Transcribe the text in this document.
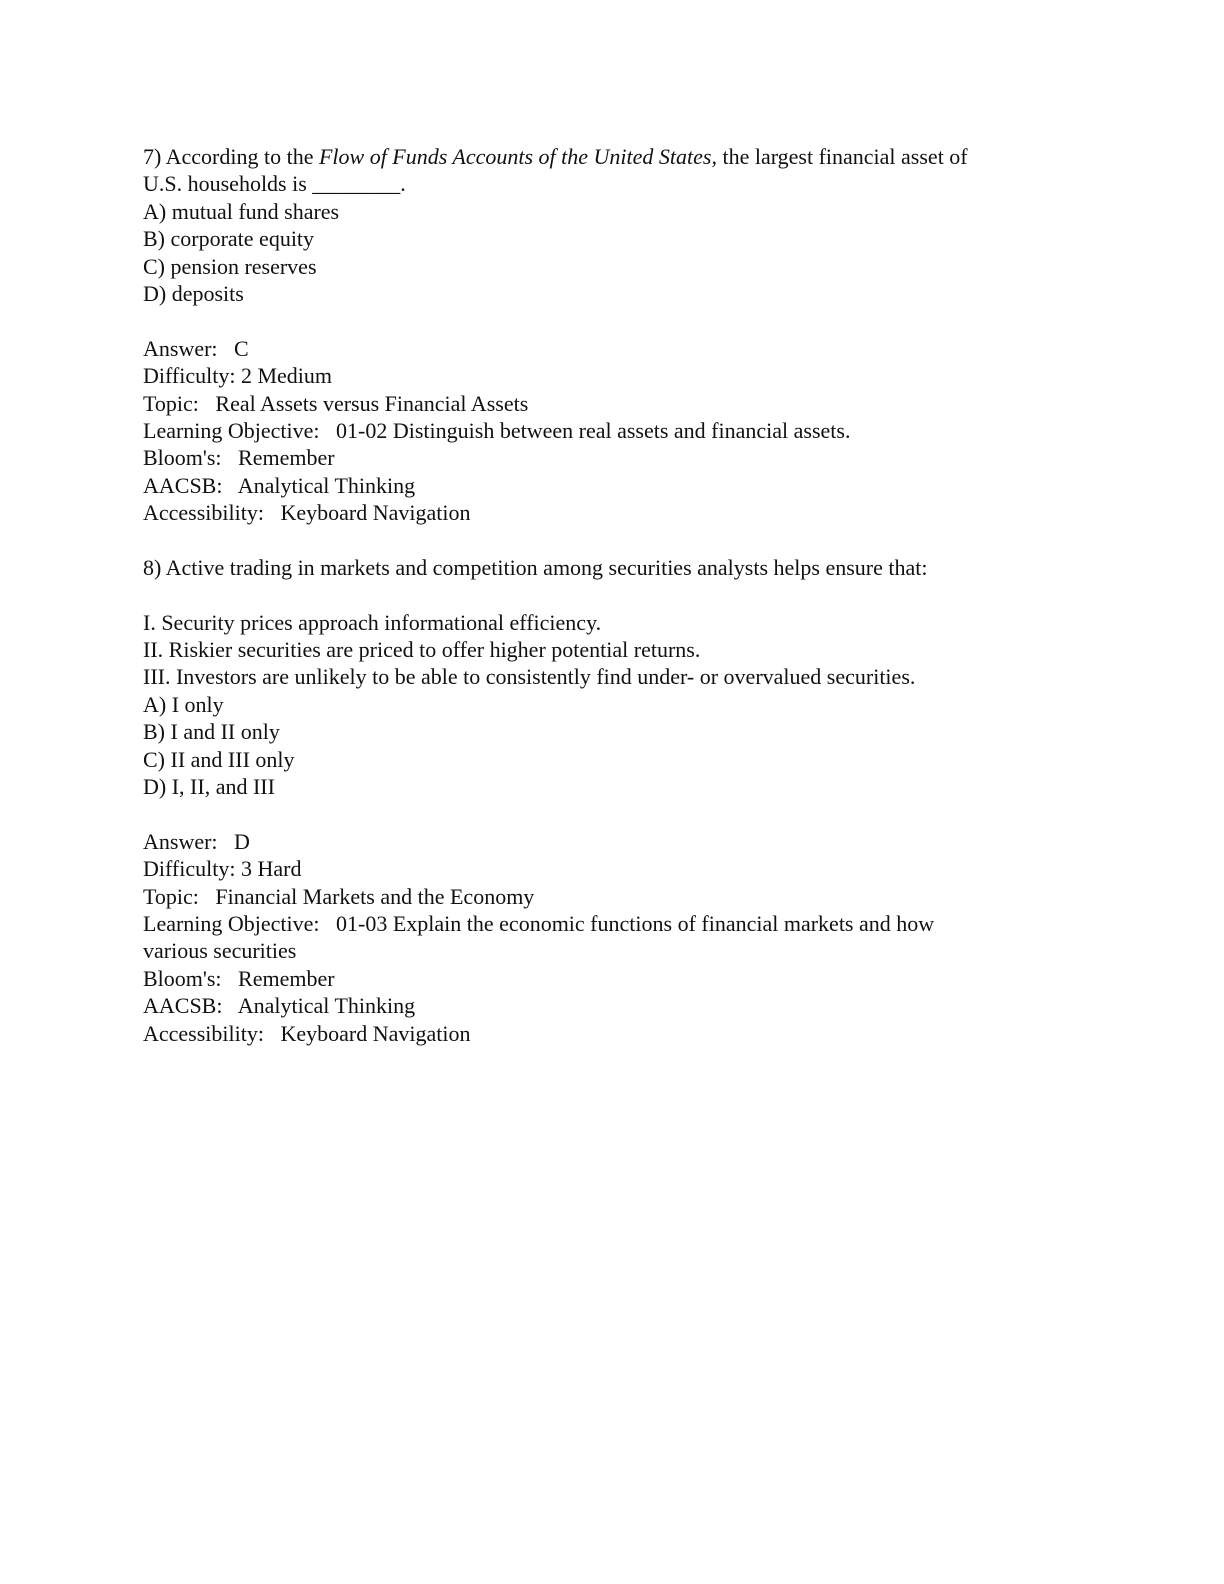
7) According to the Flow of Funds Accounts of the United States, the largest financial asset of
U.S. households is ________.
A) mutual fund shares
B) corporate equity
C) pension reserves
D) deposits
Answer:   C
Difficulty: 2 Medium
Topic:   Real Assets versus Financial Assets
Learning Objective:   01-02 Distinguish between real assets and financial assets.
Bloom's:   Remember
AACSB:   Analytical Thinking
Accessibility:   Keyboard Navigation
8) Active trading in markets and competition among securities analysts helps ensure that:
I. Security prices approach informational efficiency.
II. Riskier securities are priced to offer higher potential returns.
III. Investors are unlikely to be able to consistently find under- or overvalued securities.
A) I only
B) I and II only
C) II and III only
D) I, II, and III
Answer:   D
Difficulty: 3 Hard
Topic:   Financial Markets and the Economy
Learning Objective:   01-03 Explain the economic functions of financial markets and how
various securities
Bloom's:   Remember
AACSB:   Analytical Thinking
Accessibility:   Keyboard Navigation
